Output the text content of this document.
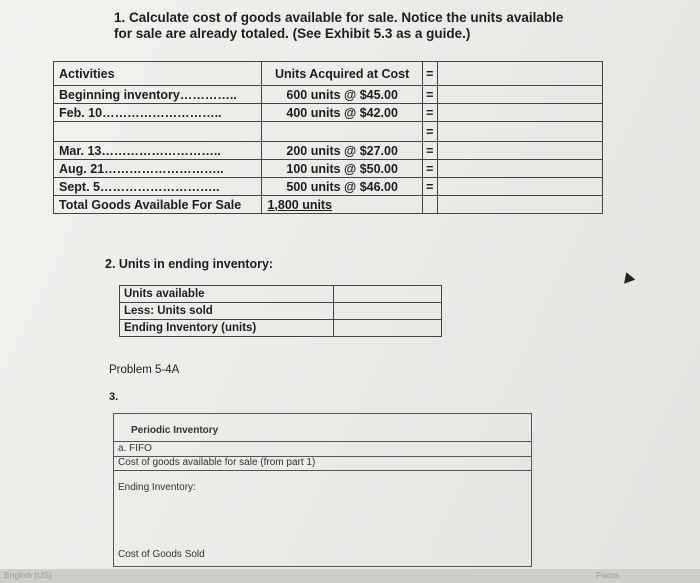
1. Calculate cost of goods available for sale. Notice the units available for sale are already totaled. (See Exhibit 5.3 as a guide.)
Activities	Units Acquired at Cost	=	
Beginning inventory…………..	600 units @ $45.00	=	
Feb. 10………………………..	400 units @ $42.00	=	
		=	
Mar. 13………………………..	200 units @ $27.00	=	
Aug. 21………………………..	100 units @ $50.00	=	
Sept. 5………………………..	500 units @ $46.00	=	
Total Goods Available For Sale	1,800 units		
2. Units in ending inventory:
Units available	
Less: Units sold	
Ending Inventory (units)	
Problem 5-4A
3.
Periodic Inventory
a. FIFO
Cost of goods available for sale (from part 1)
Ending Inventory:
Cost of Goods Sold
English (US)	Focus
